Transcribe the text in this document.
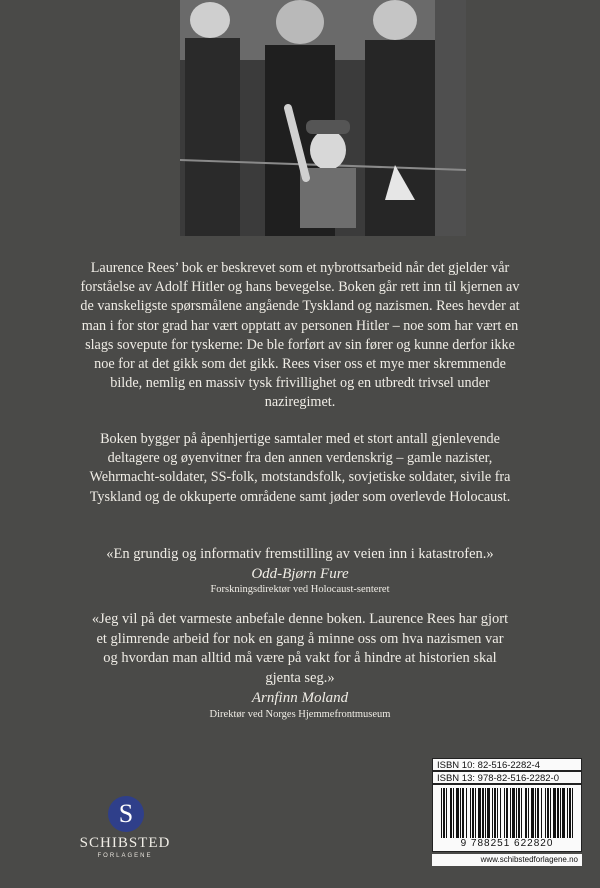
Laurence Rees’ bok er beskrevet som et nybrottsarbeid når det gjelder vår forståelse av Adolf Hitler og hans bevegelse. Boken går rett inn til kjernen av de vanskeligste spørsmålene angående Tyskland og nazismen. Rees hevder at man i for stor grad har vært opptatt av personen Hitler – noe som har vært en slags sovepute for tyskerne: De ble forført av sin fører og kunne derfor ikke noe for at det gikk som det gikk. Rees viser oss et mye mer skremmende bilde, nemlig en massiv tysk frivillighet og en utbredt trivsel under naziregimet.
Boken bygger på åpenhjertige samtaler med et stort antall gjenlevende deltagere og øyenvitner fra den annen verdenskrig – gamle nazister, Wehrmacht-soldater, SS-folk, motstandsfolk, sovjetiske soldater, sivile fra Tyskland og de okkuperte områdene samt jøder som overlevde Holocaust.
«En grundig og informativ fremstilling av veien inn i katastrofen.»
Odd-Bjørn Fure
Forskningsdirektør ved Holocaust-senteret
«Jeg vil på det varmeste anbefale denne boken. Laurence Rees har gjort et glimrende arbeid for nok en gang å minne oss om hva nazismen var og hvordan man alltid må være på vakt for å hindre at historien skal gjenta seg.»
Arnfinn Moland
Direktør ved Norges Hjemmefrontmuseum
S
SCHIBSTED
FORLAGENE
ISBN 10: 82-516-2282-4
ISBN 13: 978-82-516-2282-0
9 788251 622820
www.schibstedforlagene.no
